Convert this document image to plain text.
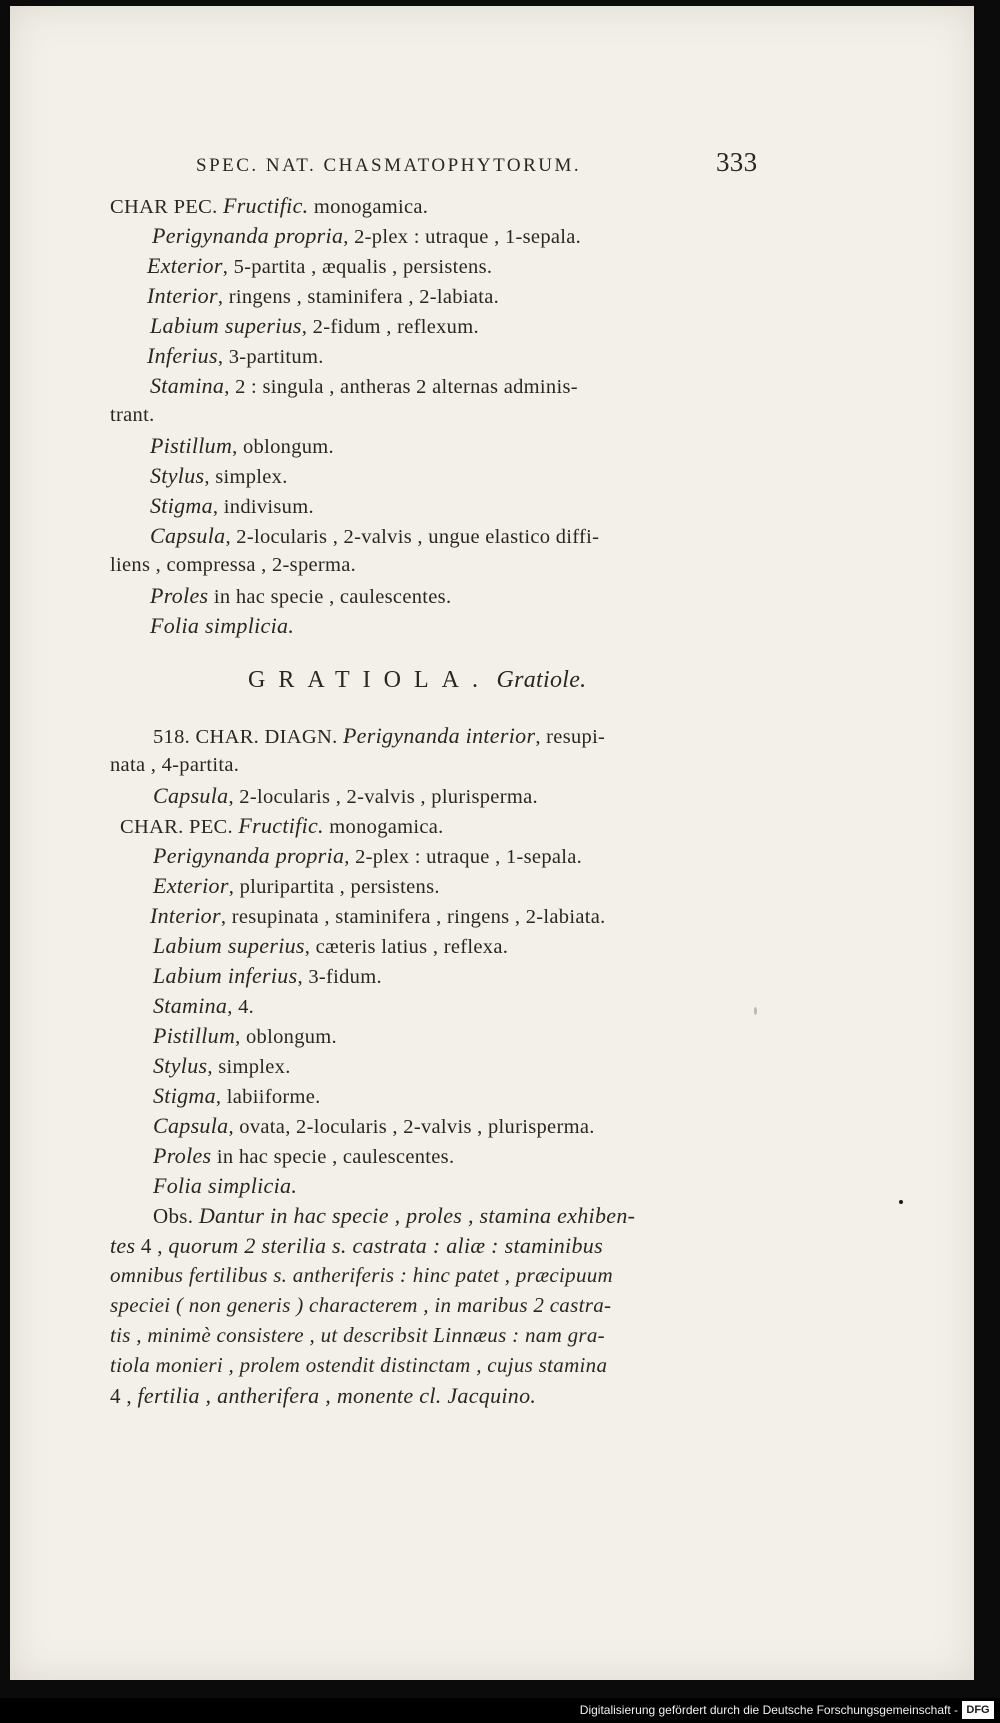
SPEC. NAT. CHASMATOPHYTORUM.	333
CHAR PEC. Fructific. monogamica.
Perigynanda propria, 2-plex : utraque , 1-sepala.
Exterior, 5-partita , æqualis , persistens.
Interior, ringens , staminifera , 2-labiata.
Labium superius, 2-fidum , reflexum.
Inferius, 3-partitum.
Stamina, 2 : singula , antheras 2 alternas adminis-
trant.
Pistillum, oblongum.
Stylus, simplex.
Stigma, indivisum.
Capsula, 2-locularis , 2-valvis , ungue elastico diffi-
liens , compressa , 2-sperma.
Proles in hac specie , caulescentes.
Folia simplicia.
GRATIOLA. Gratiole.
518. CHAR. DIAGN. Perigynanda interior, resupi-
nata , 4-partita.
Capsula, 2-locularis , 2-valvis , plurisperma.
CHAR. PEC. Fructific. monogamica.
Perigynanda propria, 2-plex : utraque , 1-sepala.
Exterior, pluripartita , persistens.
Interior, resupinata , staminifera , ringens , 2-labiata.
Labium superius, cæteris latius , reflexa.
Labium inferius, 3-fidum.
Stamina, 4.
Pistillum, oblongum.
Stylus, simplex.
Stigma, labiiforme.
Capsula, ovata, 2-locularis , 2-valvis , plurisperma.
Proles in hac specie , caulescentes.
Folia simplicia.
Obs. Dantur in hac specie , proles , stamina exhiben-
tes 4 , quorum 2 sterilia s. castrata : aliæ : staminibus
omnibus fertilibus s. antheriferis : hinc patet , præcipuum
speciei ( non generis ) characterem , in maribus 2 castra-
tis , minimè consistere , ut describsit Linnæus : nam gra-
tiola monieri , prolem ostendit distinctam , cujus stamina
4 , fertilia , antherifera , monente cl. Jacquino.
Digitalisierung gefördert durch die Deutsche Forschungsgemeinschaft - DFG
